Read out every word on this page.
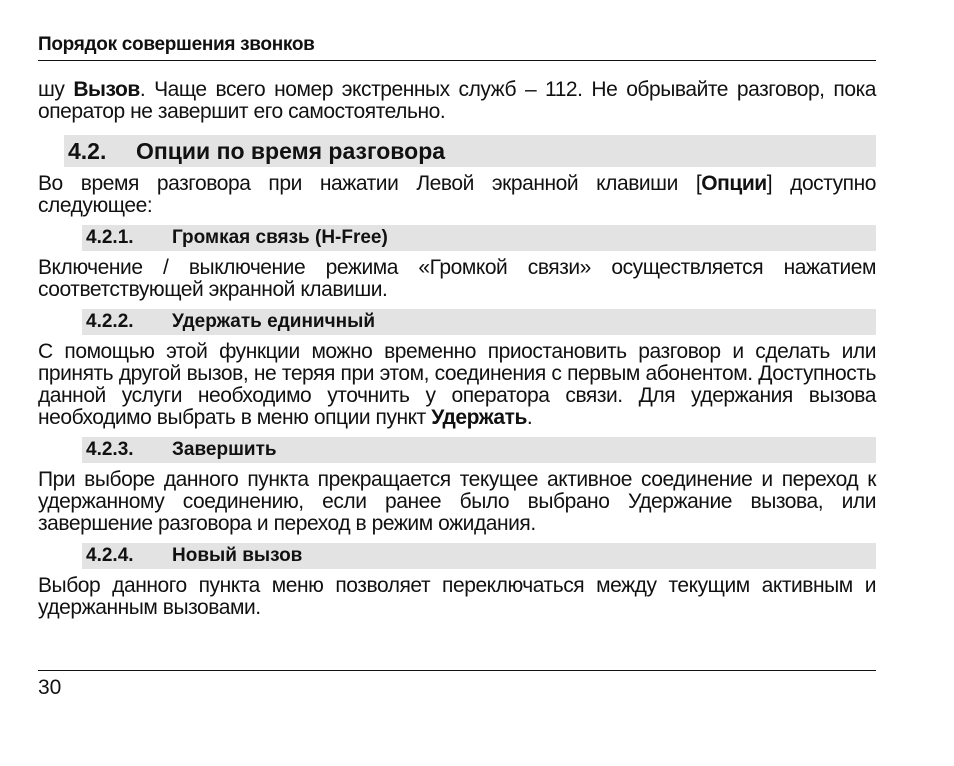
Порядок совершения звонков

шу Вызов. Чаще всего номер экстренных служб – 112. Не обрывайте разговор, пока оператор не завершит его самостоятельно.

4.2.	Опции по время разговора

Во время разговора при нажатии Левой экранной клавиши [Опции] доступно следующее:

4.2.1.	Громкая связь (H-Free)

Включение / выключение режима «Громкой связи» осуществляется нажатием соответствующей экранной клавиши.

4.2.2.	Удержать единичный

С помощью этой функции можно временно приостановить разговор и сделать или принять другой вызов, не теряя при этом, соединения с первым абонентом. Доступность данной услуги необходимо уточнить у оператора связи. Для удержания вызова необходимо выбрать в меню опции пункт Удержать.

4.2.3.	Завершить

При выборе данного пункта прекращается текущее активное соединение и переход к удержанному соединению, если ранее было выбрано Удержание вызова, или завершение разговора и переход в режим ожидания.

4.2.4.	Новый вызов

Выбор данного пункта меню позволяет переключаться между текущим активным и удержанным вызовами.

30
